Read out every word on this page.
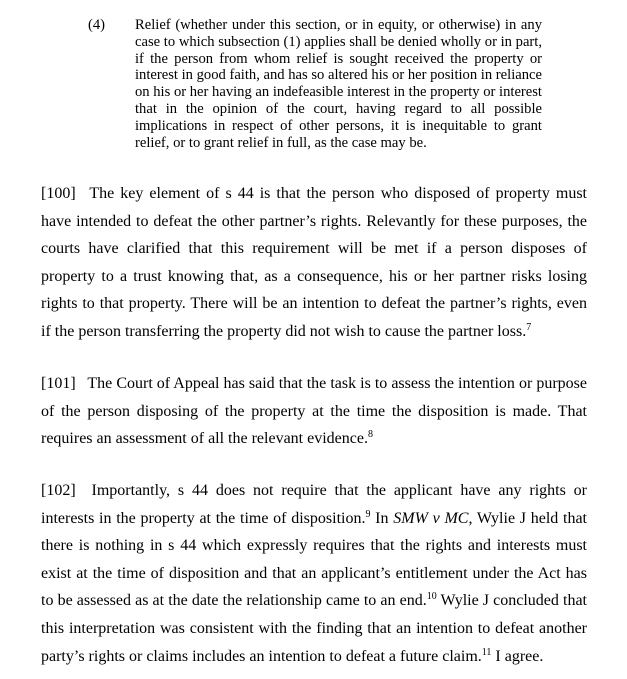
(4)	Relief (whether under this section, or in equity, or otherwise) in any case to which subsection (1) applies shall be denied wholly or in part, if the person from whom relief is sought received the property or interest in good faith, and has so altered his or her position in reliance on his or her having an indefeasible interest in the property or interest that in the opinion of the court, having regard to all possible implications in respect of other persons, it is inequitable to grant relief, or to grant relief in full, as the case may be.
[100] The key element of s 44 is that the person who disposed of property must have intended to defeat the other partner’s rights. Relevantly for these purposes, the courts have clarified that this requirement will be met if a person disposes of property to a trust knowing that, as a consequence, his or her partner risks losing rights to that property. There will be an intention to defeat the partner’s rights, even if the person transferring the property did not wish to cause the partner loss.$^7$
[101] The Court of Appeal has said that the task is to assess the intention or purpose of the person disposing of the property at the time the disposition is made. That requires an assessment of all the relevant evidence.$^8$
[102] Importantly, s 44 does not require that the applicant have any rights or interests in the property at the time of disposition.$^9$ In SMW v MC, Wylie J held that there is nothing in s 44 which expressly requires that the rights and interests must exist at the time of disposition and that an applicant’s entitlement under the Act has to be assessed as at the date the relationship came to an end.$^{10}$ Wylie J concluded that this interpretation was consistent with the finding that an intention to defeat another party’s rights or claims includes an intention to defeat a future claim.$^{11}$ I agree.
